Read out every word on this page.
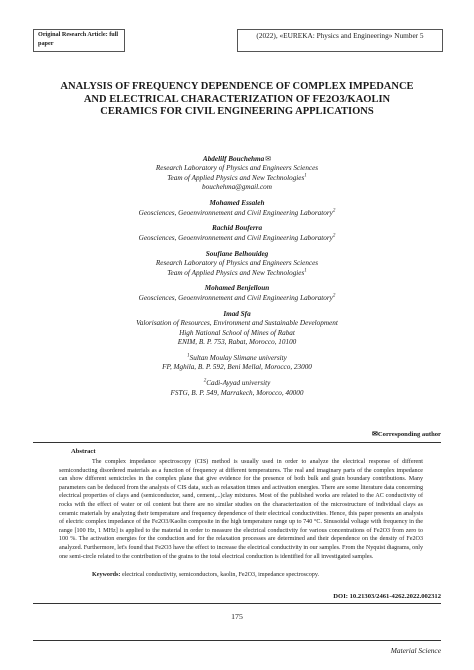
Original Research Article: full paper
(2022), «EUREKA: Physics and Engineering» Number 5
ANALYSIS OF FREQUENCY DEPENDENCE OF COMPLEX IMPEDANCE AND ELECTRICAL CHARACTERIZATION OF FE2O3/KAOLIN CERAMICS FOR CIVIL ENGINEERING APPLICATIONS
Abdelilf Bouchehma✉
Research Laboratory of Physics and Engineers Sciences
Team of Applied Physics and New Technologies$^1$
bouchehma@gmail.com
Mohamed Essaleh
Geosciences, Geoenvironnement and Civil Engineering Laboratory$^2$
Rachid Bouferra
Geosciences, Geoenvironnement and Civil Engineering Laboratory$^2$
Soufiane Belhouideg
Research Laboratory of Physics and Engineers Sciences
Team of Applied Physics and New Technologies$^1$
Mohamed Benjelloun
Geosciences, Geoenvironnement and Civil Engineering Laboratory$^2$
Imad Sfa
Valorisation of Resources, Environment and Sustainable Development
High National School of Mines of Rabat
ENIM, B. P. 753, Rabat, Morocco, 10100
$^1$Sultan Moulay Slimane university
FP, Mghila, B. P. 592, Beni Mellal, Morocco, 23000
$^2$Cadi-Ayyad university
FSTG, B. P. 549, Marrakech, Morocco, 40000
✉Corresponding author
Abstract

The complex impedance spectroscopy (CIS) method is usually used in order to analyze the electrical response of different semiconducting disordered materials as a function of frequency at different temperatures. The real and imaginary parts of the complex impedance can show different semicircles in the complex plane that give evidence for the presence of both bulk and grain boundary contributions. Many parameters can be deduced from the analysis of CIS data, such as relaxation times and activation energies. There are some literature data concerning electrical properties of clays and (semiconductor, sand, cement,...)clay mixtures. Most of the published works are related to the AC conductivity of rocks with the effect of water or oil content but there are no similar studies on the characterization of the microstructure of individual clays as ceramic materials by analyzing their temperature and frequency dependence of their electrical conductivities. Hence, this paper presents an analysis of electric complex impedance of the Fe2O3/Kaolin composite in the high temperature range up to 740 °C. Sinusoidal voltage with frequency in the range [100 Hz, 1 MHz] is applied to the material in order to measure the electrical conductivity for various concentrations of Fe2O3 from zero to 100 %. The activation energies for the conduction and for the relaxation processes are determined and their dependence on the density of Fe2O3 analyzed. Furthermore, let's found that Fe2O3 have the effect to increase the electrical conductivity in our samples. From the Nyquist diagrams, only one semi-circle related to the contribution of the grains to the total electrical conduction is identified for all investigated samples.

Keywords: electrical conductivity, semiconductors, kaolin, Fe2O3, impedance spectroscopy.
DOI: 10.21303/2461-4262.2022.002312
175
Material Science
